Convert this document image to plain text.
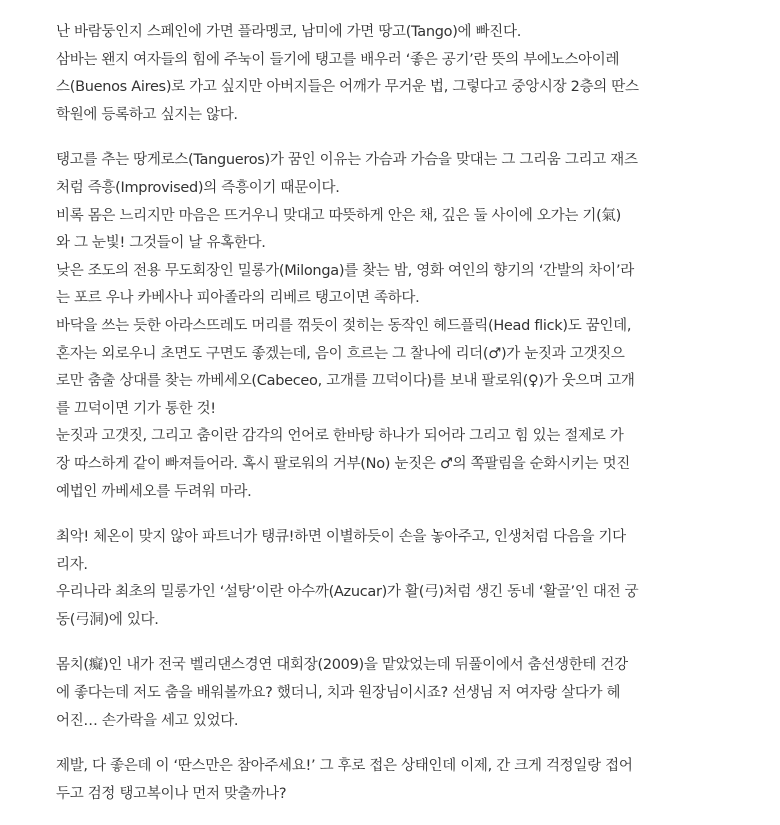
난 바람둥인지 스페인에 가면 플라멩코, 남미에 가면 땅고(Tango)에 빠진다.
삼바는 왠지 여자들의 힘에 주눅이 들기에 탱고를 배우러 ‘좋은 공기’란 뜻의 부에노스아이레
스(Buenos Aires)로 가고 싶지만 아버지들은 어깨가 무거운 법, 그렇다고 중앙시장 2층의 딴스
학원에 등록하고 싶지는 않다.
탱고를 추는 땅게로스(Tangueros)가 꿈인 이유는 가슴과 가슴을 맞대는 그 그리움 그리고 재즈
처럼 즉흥(Improvised)의 즉흥이기 때문이다.
비록 몸은 느리지만 마음은 뜨거우니 맞대고 따뜻하게 안은 채, 깊은 둘 사이에 오가는 기(氣)
와 그 눈빛! 그것들이 날 유혹한다.
낮은 조도의 전용 무도회장인 밀롱가(Milonga)를 찾는 밤, 영화 여인의 향기의 ‘간발의 차이’라
는 포르 우나 카베사나 피아졸라의 리베르 탱고이면 족하다.
바닥을 쓰는 듯한 아라스뜨레도 머리를 꺾듯이 젖히는 동작인 헤드플릭(Head flick)도 꿈인데,
혼자는 외로우니 초면도 구면도 좋겠는데, 음이 흐르는 그 찰나에 리더(♂)가 눈짓과 고갯짓으
로만 춤출 상대를 찾는 까베세오(Cabeceo, 고개를 끄덕이다)를 보내 팔로워(♀)가 웃으며 고개
를 끄덕이면 기가 통한 것!
눈짓과 고갯짓, 그리고 춤이란 감각의 언어로 한바탕 하나가 되어라 그리고 힘 있는 절제로 가
장 따스하게 같이 빠져들어라. 혹시 팔로워의 거부(No) 눈짓은 ♂의 쪽팔림을 순화시키는 멋진
예법인 까베세오를 두려워 마라.
최악! 체온이 맞지 않아 파트너가 탱큐!하면 이별하듯이 손을 놓아주고, 인생처럼 다음을 기다
리자.
우리나라 최초의 밀롱가인 ‘설탕’이란 아수까(Azucar)가 활(弓)처럼 생긴 동네 ‘활골’인 대전 궁
동(弓洞)에 있다.
몸치(癡)인 내가 전국 벨리댄스경연 대회장(2009)을 맡았었는데 뒤풀이에서 춤선생한테 건강
에 좋다는데 저도 춤을 배워볼까요? 했더니, 치과 원장님이시죠? 선생님 저 여자랑 살다가 헤
어진… 손가락을 세고 있었다.
제발, 다 좋은데 이 ‘딴스만은 참아주세요!’ 그 후로 접은 상태인데 이제, 간 크게 걱정일랑 접어
두고 검정 탱고복이나 먼저 맞출까나?
